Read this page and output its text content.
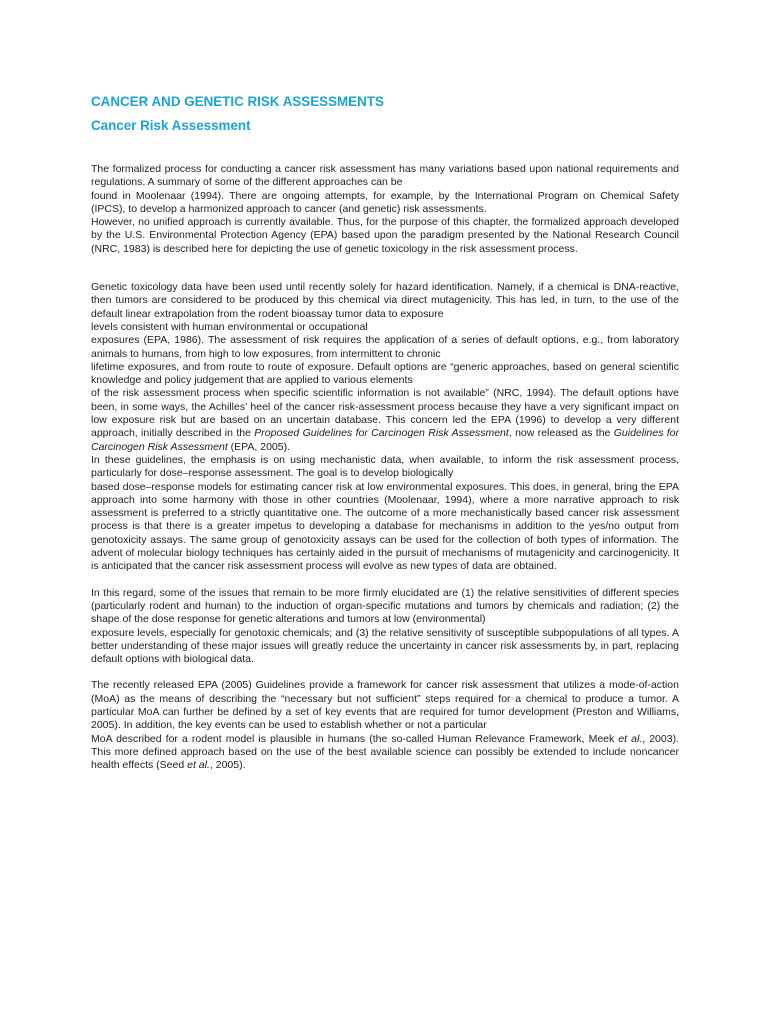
CANCER AND GENETIC RISK ASSESSMENTS
Cancer Risk Assessment
The formalized process for conducting a cancer risk assessment has many variations based upon national requirements and regulations. A summary of some of the different approaches can be
found in Moolenaar (1994). There are ongoing attempts, for example, by the International Program on Chemical Safety (IPCS), to develop a harmonized approach to cancer (and genetic) risk assessments.
However, no unified approach is currently available. Thus, for the purpose of this chapter, the formalized approach developed by the U.S. Environmental Protection Agency (EPA) based upon the paradigm presented by the National Research Council (NRC, 1983) is described here for depicting the use of genetic toxicology in the risk assessment process.
Genetic toxicology data have been used until recently solely for hazard identification. Namely, if a chemical is DNA-reactive, then tumors are considered to be produced by this chemical via direct mutagenicity. This has led, in turn, to the use of the default linear extrapolation from the rodent bioassay tumor data to exposure
levels consistent with human environmental or occupational
exposures (EPA, 1986). The assessment of risk requires the application of a series of default options, e.g., from laboratory animals to humans, from high to low exposures, from intermittent to chronic
lifetime exposures, and from route to route of exposure. Default options are “generic approaches, based on general scientific knowledge and policy judgement that are applied to various elements
of the risk assessment process when specific scientific information is not available” (NRC, 1994). The default options have been, in some ways, the Achilles’ heel of the cancer risk-assessment process because they have a very significant impact on low exposure risk but are based on an uncertain database. This concern led the EPA (1996) to develop a very different approach, initially described in the Proposed Guidelines for Carcinogen Risk Assessment, now released as the Guidelines for Carcinogen Risk Assessment (EPA, 2005).
In these guidelines, the emphasis is on using mechanistic data, when available, to inform the risk assessment process, particularly for dose–response assessment. The goal is to develop biologically
based dose–response models for estimating cancer risk at low environmental exposures. This does, in general, bring the EPA approach into some harmony with those in other countries (Moolenaar, 1994), where a more narrative approach to risk assessment is preferred to a strictly quantitative one. The outcome of a more mechanistically based cancer risk assessment process is that there is a greater impetus to developing a database for mechanisms in addition to the yes/no output from genotoxicity assays. The same group of genotoxicity assays can be used for the collection of both types of information. The advent of molecular biology techniques has certainly aided in the pursuit of mechanisms of mutagenicity and carcinogenicity. It is anticipated that the cancer risk assessment process will evolve as new types of data are obtained.
In this regard, some of the issues that remain to be more firmly elucidated are (1) the relative sensitivities of different species (particularly rodent and human) to the induction of organ-specific mutations and tumors by chemicals and radiation; (2) the shape of the dose response for genetic alterations and tumors at low (environmental)
exposure levels, especially for genotoxic chemicals; and (3) the relative sensitivity of susceptible subpopulations of all types. A better understanding of these major issues will greatly reduce the uncertainty in cancer risk assessments by, in part, replacing default options with biological data.
The recently released EPA (2005) Guidelines provide a framework for cancer risk assessment that utilizes a mode-of-action (MoA) as the means of describing the “necessary but not sufficient” steps required for a chemical to produce a tumor. A particular MoA can further be defined by a set of key events that are required for tumor development (Preston and Williams, 2005). In addition, the key events can be used to establish whether or not a particular
MoA described for a rodent model is plausible in humans (the so-called Human Relevance Framework, Meek et al., 2003). This more defined approach based on the use of the best available science can possibly be extended to include noncancer health effects (Seed et al., 2005).
